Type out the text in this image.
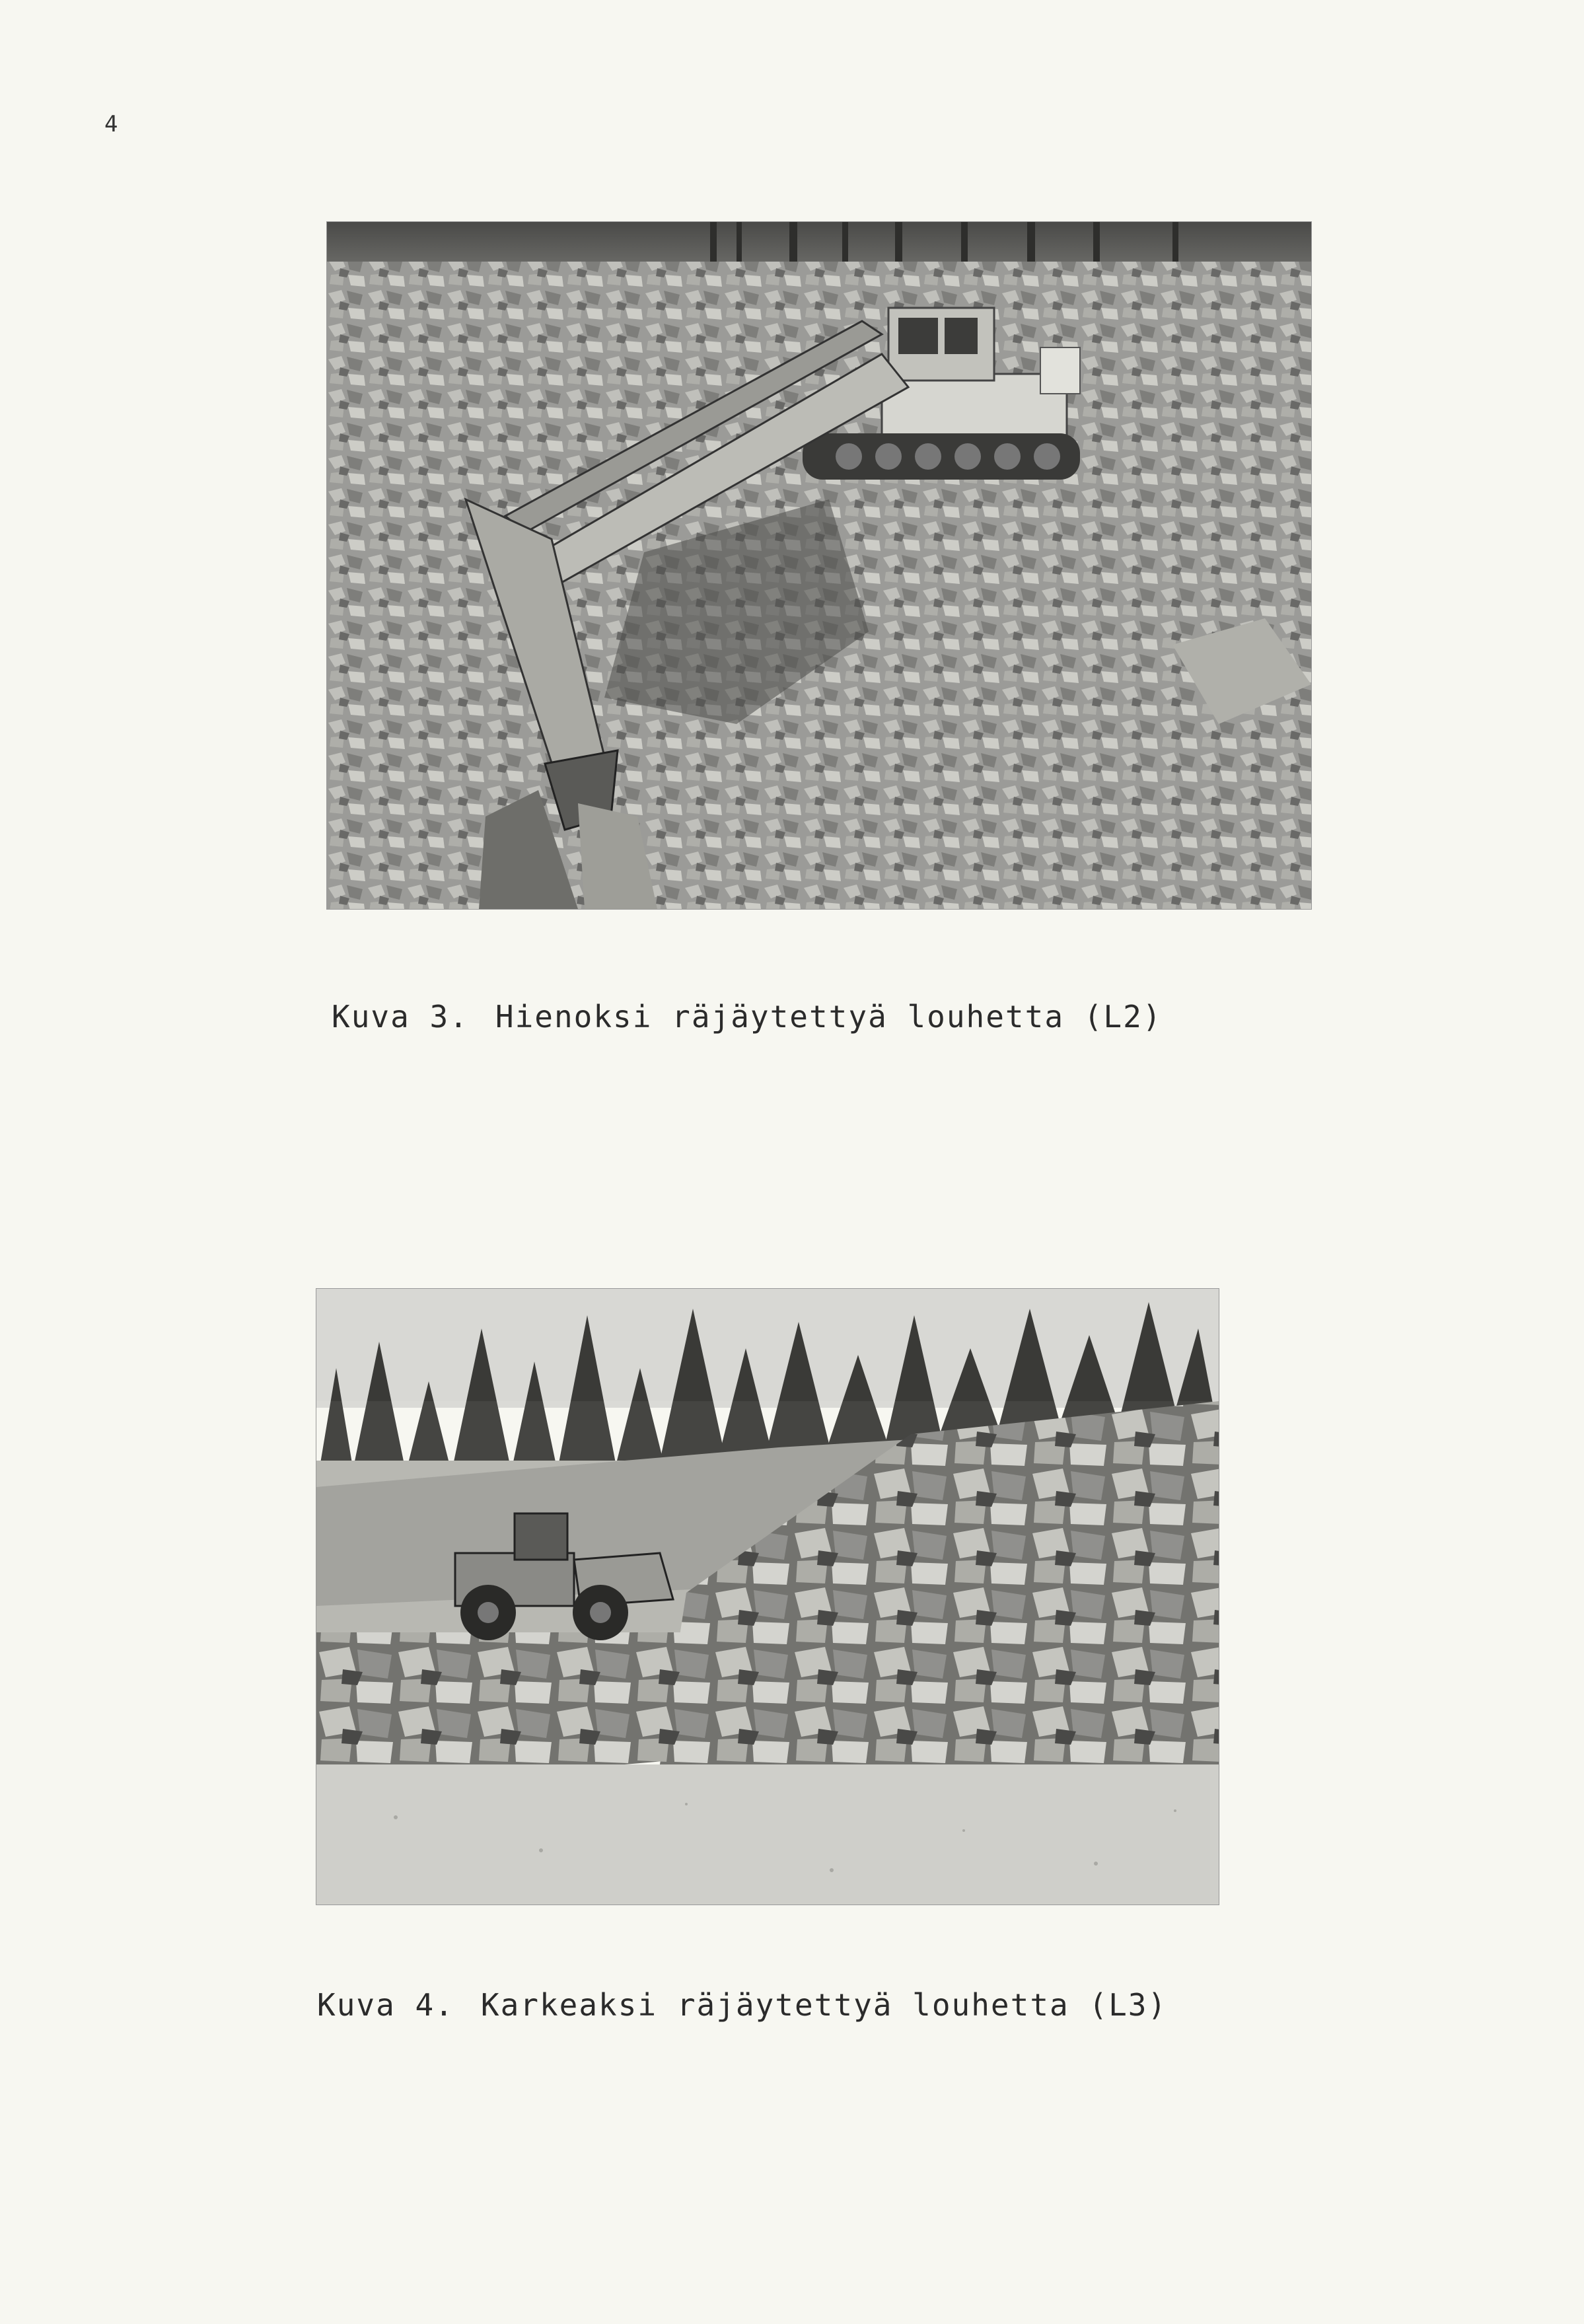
4
Kuva 3. Hienoksi räjäytettyä louhetta (L2)
Kuva 4. Karkeaksi räjäytettyä louhetta (L3)
